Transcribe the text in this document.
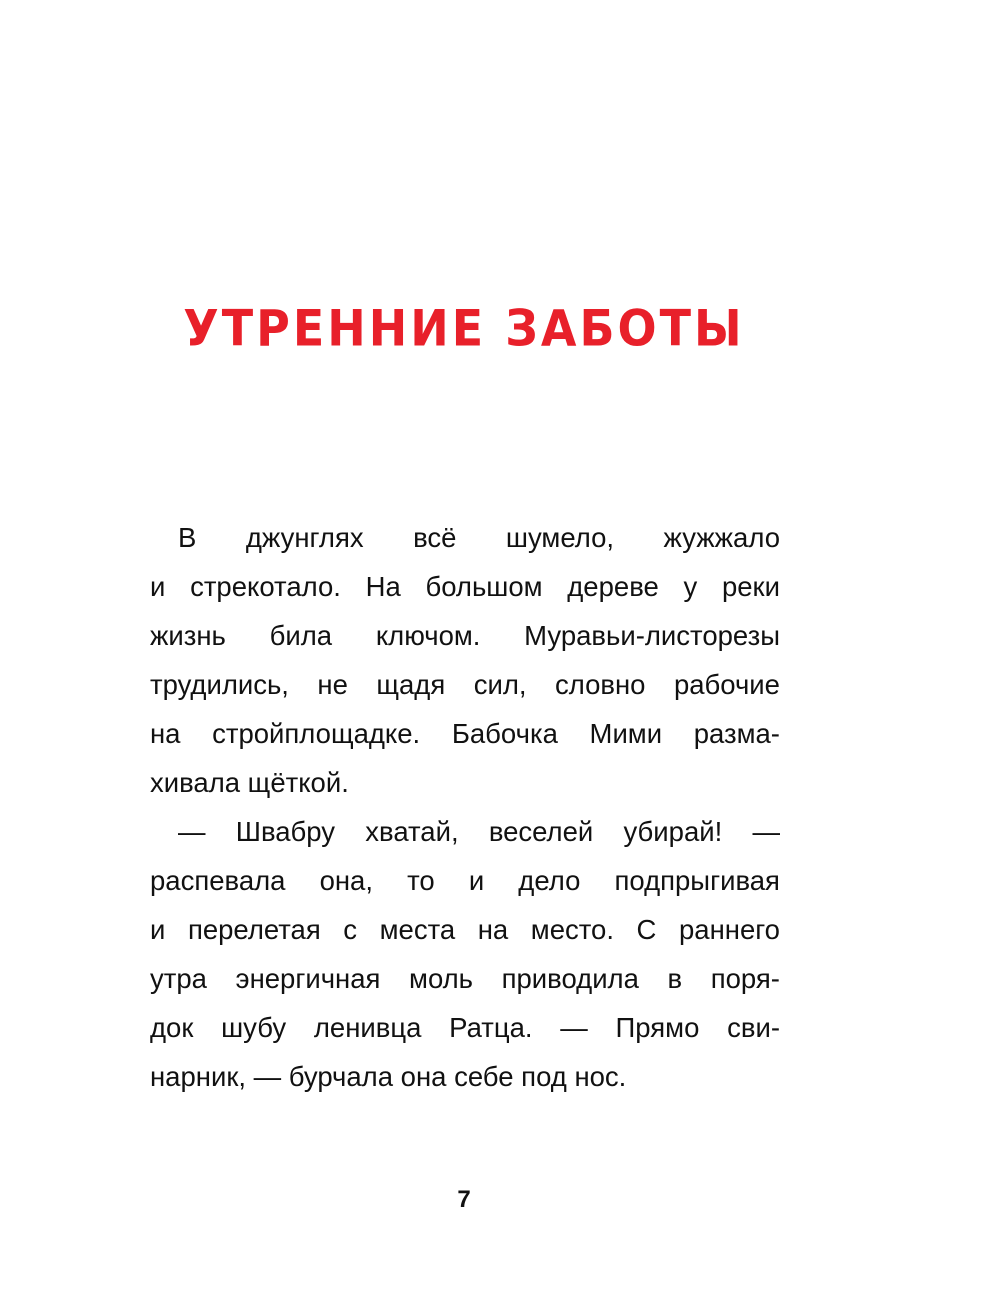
УТРЕННИЕ ЗАБОТЫ
В джунглях всё шумело, жужжало
и стрекотало. На большом дереве у реки
жизнь била ключом. Муравьи-листорезы
трудились, не щадя сил, словно рабочие
на стройплощадке. Бабочка Мими разма-
хивала щёткой.
— Швабру хватай, веселей убирай! —
распевала она, то и дело подпрыгивая
и перелетая с места на место. С раннего
утра энергичная моль приводила в поря-
док шубу ленивца Ратца. — Прямо сви-
нарник, — бурчала она себе под нос.
7
